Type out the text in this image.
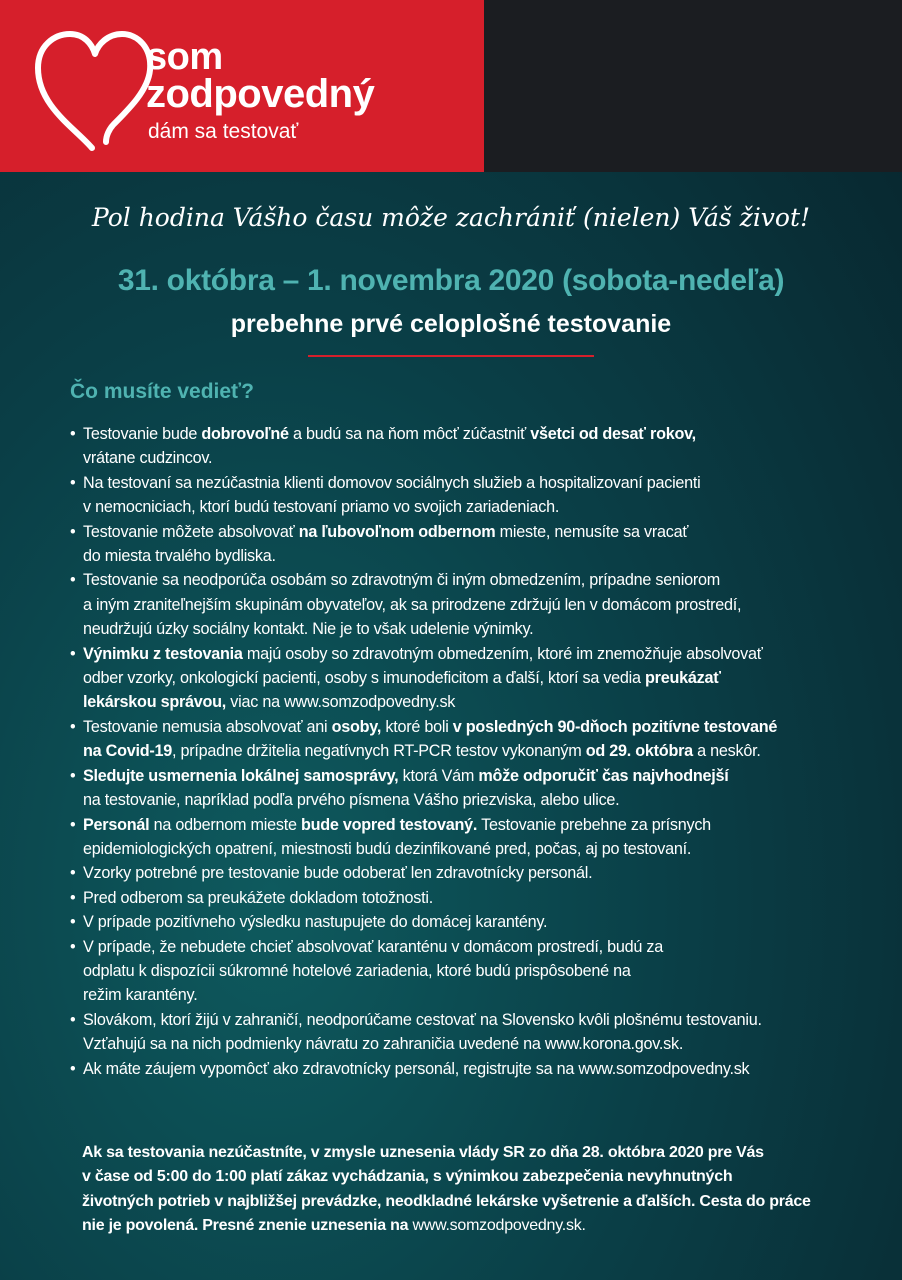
som
zodpovedný
dám sa testovať
Pol hodina Vášho času môže zachrániť (nielen) Váš život!
31. októbra – 1. novembra 2020 (sobota-nedeľa)
prebehne prvé celoplošné testovanie
Čo musíte vedieť?
• Testovanie bude dobrovoľné a budú sa na ňom môcť zúčastniť všetci od desať rokov,
vrátane cudzincov.
• Na testovaní sa nezúčastnia klienti domovov sociálnych služieb a hospitalizovaní pacienti
v nemocniciach, ktorí budú testovaní priamo vo svojich zariadeniach.
• Testovanie môžete absolvovať na ľubovoľnom odbernom mieste, nemusíte sa vracať
do miesta trvalého bydliska.
• Testovanie sa neodporúča osobám so zdravotným či iným obmedzením, prípadne seniorom
a iným zraniteľnejším skupinám obyvateľov, ak sa prirodzene zdržujú len v domácom prostredí,
neudržujú úzky sociálny kontakt. Nie je to však udelenie výnimky.
• Výnimku z testovania majú osoby so zdravotným obmedzením, ktoré im znemožňuje absolvovať
odber vzorky, onkologickí pacienti, osoby s imunodeficitom a ďalší, ktorí sa vedia preukázať
lekárskou správou, viac na www.somzodpovedny.sk
• Testovanie nemusia absolvovať ani osoby, ktoré boli v posledných 90-dňoch pozitívne testované
na Covid-19, prípadne držitelia negatívnych RT-PCR testov vykonaným od 29. októbra a neskôr.
• Sledujte usmernenia lokálnej samosprávy, ktorá Vám môže odporučiť čas najvhodnejší
na testovanie, napríklad podľa prvého písmena Vášho priezviska, alebo ulice.
• Personál na odbernom mieste bude vopred testovaný. Testovanie prebehne za prísnych
epidemiologických opatrení, miestnosti budú dezinfikované pred, počas, aj po testovaní.
• Vzorky potrebné pre testovanie bude odoberať len zdravotnícky personál.
• Pred odberom sa preukážete dokladom totožnosti.
• V prípade pozitívneho výsledku nastupujete do domácej karantény.
• V prípade, že nebudete chcieť absolvovať karanténu v domácom prostredí, budú za
odplatu k dispozícii súkromné hotelové zariadenia, ktoré budú prispôsobené na
režim karantény.
• Slovákom, ktorí žijú v zahraničí, neodporúčame cestovať na Slovensko kvôli plošnému testovaniu.
Vzťahujú sa na nich podmienky návratu zo zahraničia uvedené na www.korona.gov.sk.
• Ak máte záujem vypomôcť ako zdravotnícky personál, registrujte sa na www.somzodpovedny.sk
Ak sa testovania nezúčastníte, v zmysle uznesenia vlády SR zo dňa 28. októbra 2020 pre Vás
v čase od 5:00 do 1:00 platí zákaz vychádzania, s výnimkou zabezpečenia nevyhnutných
životných potrieb v najbližšej prevádzke, neodkladné lekárske vyšetrenie a ďalších. Cesta do práce
nie je povolená. Presné znenie uznesenia na www.somzodpovedny.sk.
